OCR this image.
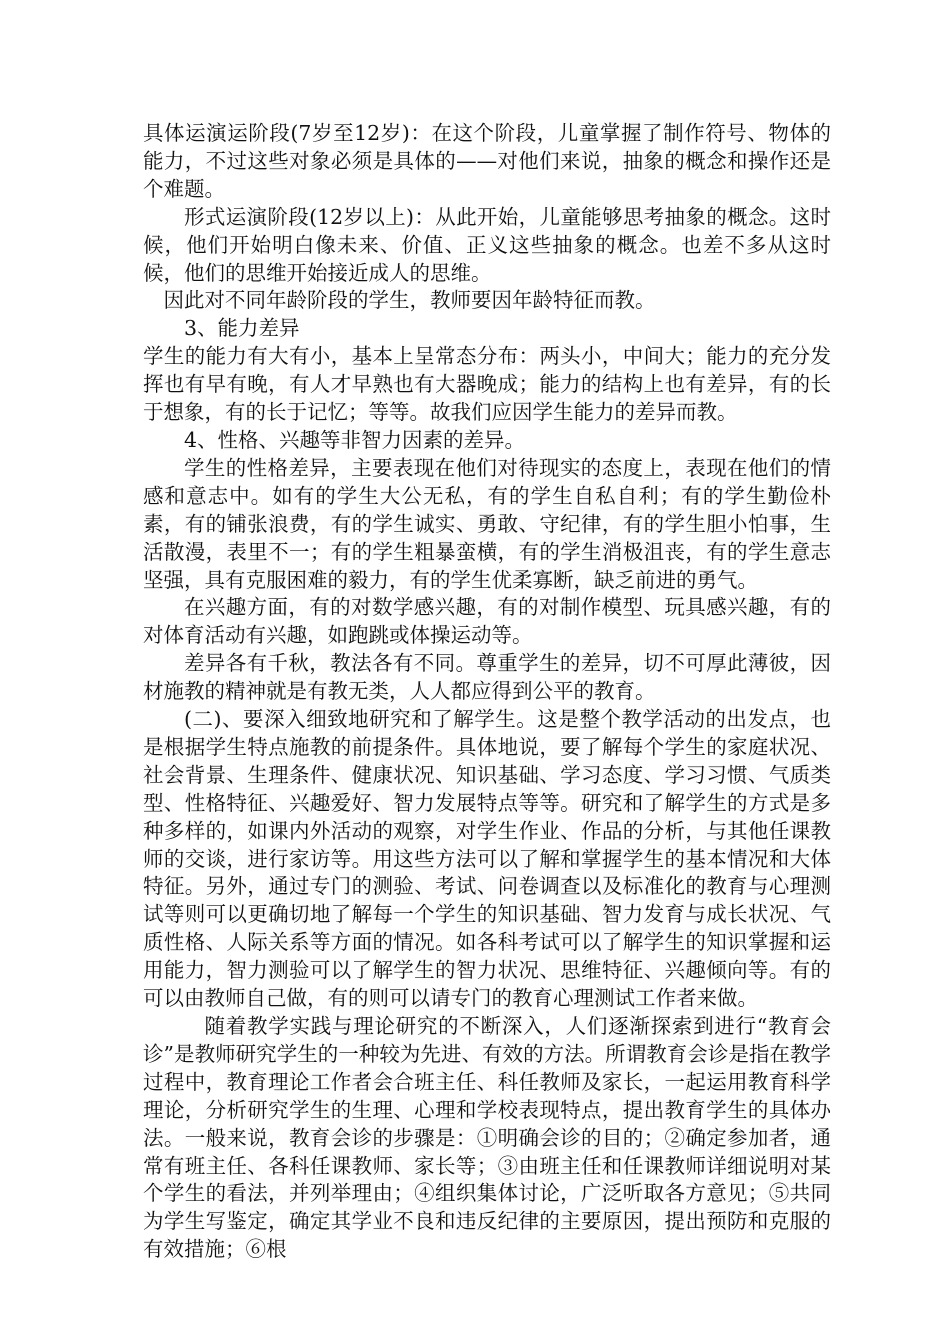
具体运演运阶段(7岁至12岁)：在这个阶段，儿童掌握了制作符号、物体的能力，不过这些对象必须是具体的——对他们来说，抽象的概念和操作还是个难题。

形式运演阶段(12岁以上)：从此开始，儿童能够思考抽象的概念。这时候，他们开始明白像未来、价值、正义这些抽象的概念。也差不多从这时候，他们的思维开始接近成人的思维。

因此对不同年龄阶段的学生，教师要因年龄特征而教。

3、能力差异

学生的能力有大有小，基本上呈常态分布：两头小，中间大；能力的充分发挥也有早有晚，有人才早熟也有大器晚成；能力的结构上也有差异，有的长于想象，有的长于记忆；等等。故我们应因学生能力的差异而教。

4、性格、兴趣等非智力因素的差异。

学生的性格差异，主要表现在他们对待现实的态度上，表现在他们的情感和意志中。如有的学生大公无私，有的学生自私自利；有的学生勤俭朴素，有的铺张浪费，有的学生诚实、勇敢、守纪律，有的学生胆小怕事，生活散漫，表里不一；有的学生粗暴蛮横，有的学生消极沮丧，有的学生意志坚强，具有克服困难的毅力，有的学生优柔寡断，缺乏前进的勇气。

在兴趣方面，有的对数学感兴趣，有的对制作模型、玩具感兴趣，有的对体育活动有兴趣，如跑跳或体操运动等。

差异各有千秋，教法各有不同。尊重学生的差异，切不可厚此薄彼，因材施教的精神就是有教无类，人人都应得到公平的教育。

(二)、要深入细致地研究和了解学生。这是整个教学活动的出发点，也是根据学生特点施教的前提条件。具体地说，要了解每个学生的家庭状况、社会背景、生理条件、健康状况、知识基础、学习态度、学习习惯、气质类型、性格特征、兴趣爱好、智力发展特点等等。研究和了解学生的方式是多种多样的，如课内外活动的观察，对学生作业、作品的分析，与其他任课教师的交谈，进行家访等。用这些方法可以了解和掌握学生的基本情况和大体特征。另外，通过专门的测验、考试、问卷调查以及标准化的教育与心理测试等则可以更确切地了解每一个学生的知识基础、智力发育与成长状况、气质性格、人际关系等方面的情况。如各科考试可以了解学生的知识掌握和运用能力，智力测验可以了解学生的智力状况、思维特征、兴趣倾向等。有的可以由教师自己做，有的则可以请专门的教育心理测试工作者来做。

随着教学实践与理论研究的不断深入，人们逐渐探索到进行“教育会诊”是教师研究学生的一种较为先进、有效的方法。所谓教育会诊是指在教学过程中，教育理论工作者会合班主任、科任教师及家长，一起运用教育科学理论，分析研究学生的生理、心理和学校表现特点，提出教育学生的具体办法。一般来说，教育会诊的步骤是：①明确会诊的目的；②确定参加者，通常有班主任、各科任课教师、家长等；③由班主任和任课教师详细说明对某个学生的看法，并列举理由；④组织集体讨论，广泛听取各方意见；⑤共同为学生写鉴定，确定其学业不良和违反纪律的主要原因，提出预防和克服的有效措施；⑥根
